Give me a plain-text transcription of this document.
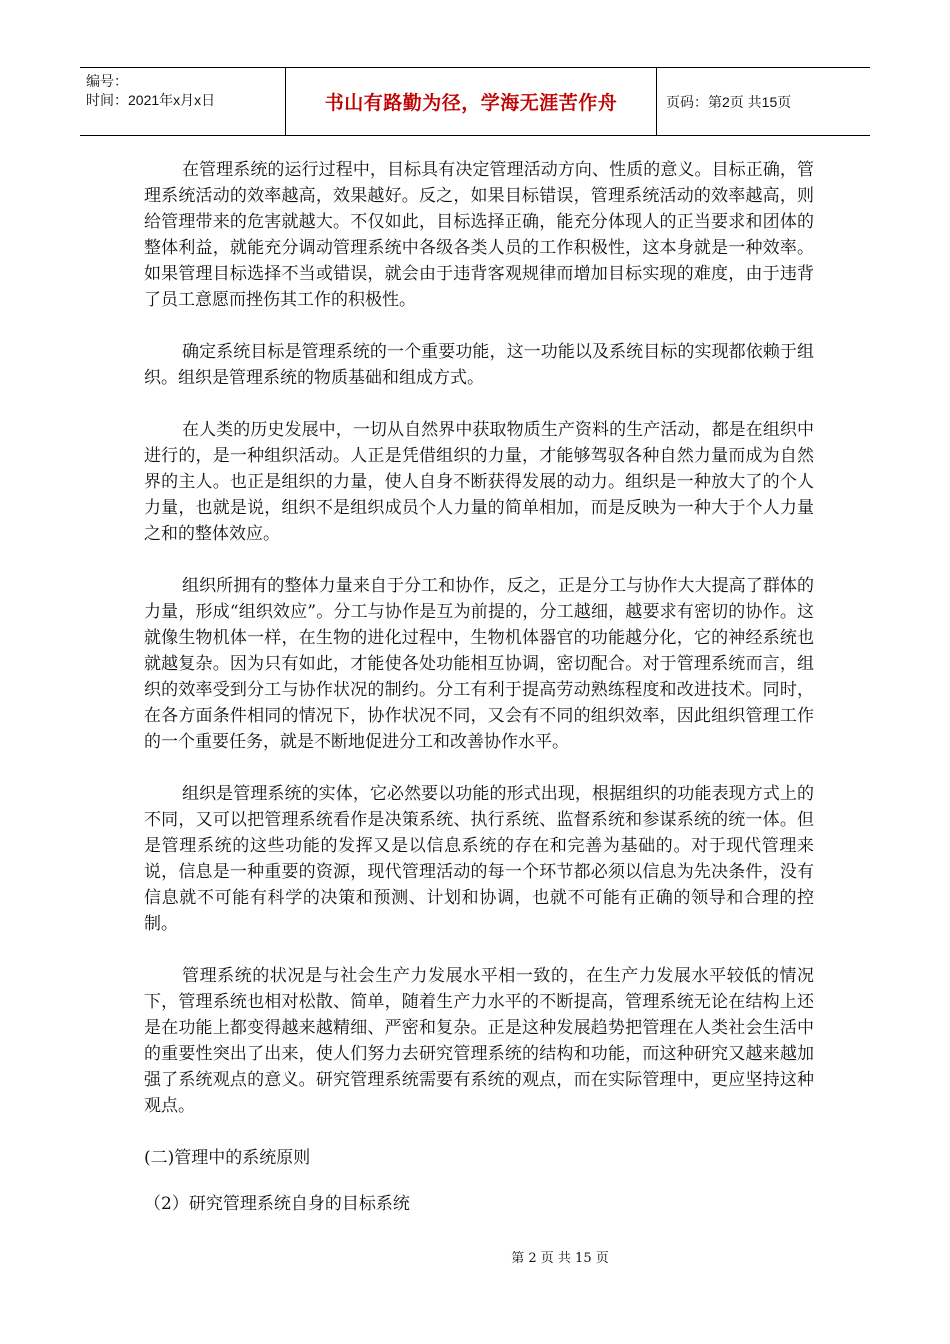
编号：
时间：2021年x月x日	书山有路勤为径，学海无涯苦作舟	页码：第2页 共15页

在管理系统的运行过程中，目标具有决定管理活动方向、性质的意义。目标正确，管理系统活动的效率越高，效果越好。反之，如果目标错误，管理系统活动的效率越高，则给管理带来的危害就越大。不仅如此，目标选择正确，能充分体现人的正当要求和团体的整体利益，就能充分调动管理系统中各级各类人员的工作积极性，这本身就是一种效率。如果管理目标选择不当或错误，就会由于违背客观规律而增加目标实现的难度，由于违背了员工意愿而挫伤其工作的积极性。

确定系统目标是管理系统的一个重要功能，这一功能以及系统目标的实现都依赖于组织。组织是管理系统的物质基础和组成方式。

在人类的历史发展中，一切从自然界中获取物质生产资料的生产活动，都是在组织中进行的，是一种组织活动。人正是凭借组织的力量，才能够驾驭各种自然力量而成为自然界的主人。也正是组织的力量，使人自身不断获得发展的动力。组织是一种放大了的个人力量，也就是说，组织不是组织成员个人力量的简单相加，而是反映为一种大于个人力量之和的整体效应。

组织所拥有的整体力量来自于分工和协作，反之，正是分工与协作大大提高了群体的力量，形成“组织效应”。分工与协作是互为前提的，分工越细，越要求有密切的协作。这就像生物机体一样，在生物的进化过程中，生物机体器官的功能越分化，它的神经系统也就越复杂。因为只有如此，才能使各处功能相互协调，密切配合。对于管理系统而言，组织的效率受到分工与协作状况的制约。分工有利于提高劳动熟练程度和改进技术。同时，在各方面条件相同的情况下，协作状况不同，又会有不同的组织效率，因此组织管理工作的一个重要任务，就是不断地促进分工和改善协作水平。

组织是管理系统的实体，它必然要以功能的形式出现，根据组织的功能表现方式上的不同，又可以把管理系统看作是决策系统、执行系统、监督系统和参谋系统的统一体。但是管理系统的这些功能的发挥又是以信息系统的存在和完善为基础的。对于现代管理来说，信息是一种重要的资源，现代管理活动的每一个环节都必须以信息为先决条件，没有信息就不可能有科学的决策和预测、计划和协调，也就不可能有正确的领导和合理的控制。

管理系统的状况是与社会生产力发展水平相一致的，在生产力发展水平较低的情况下，管理系统也相对松散、简单，随着生产力水平的不断提高，管理系统无论在结构上还是在功能上都变得越来越精细、严密和复杂。正是这种发展趋势把管理在人类社会生活中的重要性突出了出来，使人们努力去研究管理系统的结构和功能，而这种研究又越来越加强了系统观点的意义。研究管理系统需要有系统的观点，而在实际管理中，更应坚持这种观点。

(二)管理中的系统原则
（2）研究管理系统自身的目标系统
第 2 页 共 15 页
